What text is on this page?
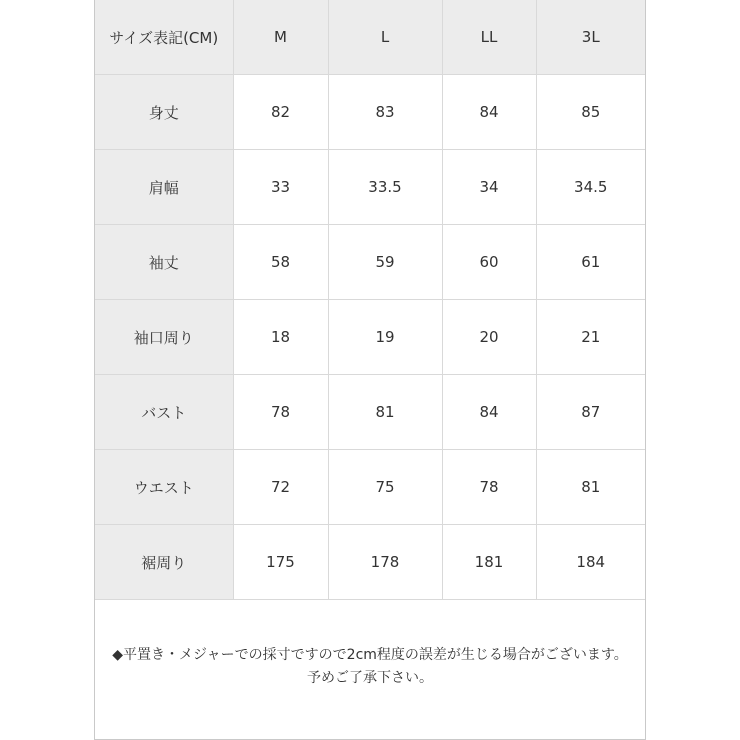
サイズ表記(CM)	M	L	LL	3L
身丈	82	83	84	85
肩幅	33	33.5	34	34.5
袖丈	58	59	60	61
袖口周り	18	19	20	21
バスト	78	81	84	87
ウエスト	72	75	78	81
裾周り	175	178	181	184
◆平置き・メジャーでの採寸ですので2cm程度の誤差が生じる場合がございます。
予めご了承下さい。
